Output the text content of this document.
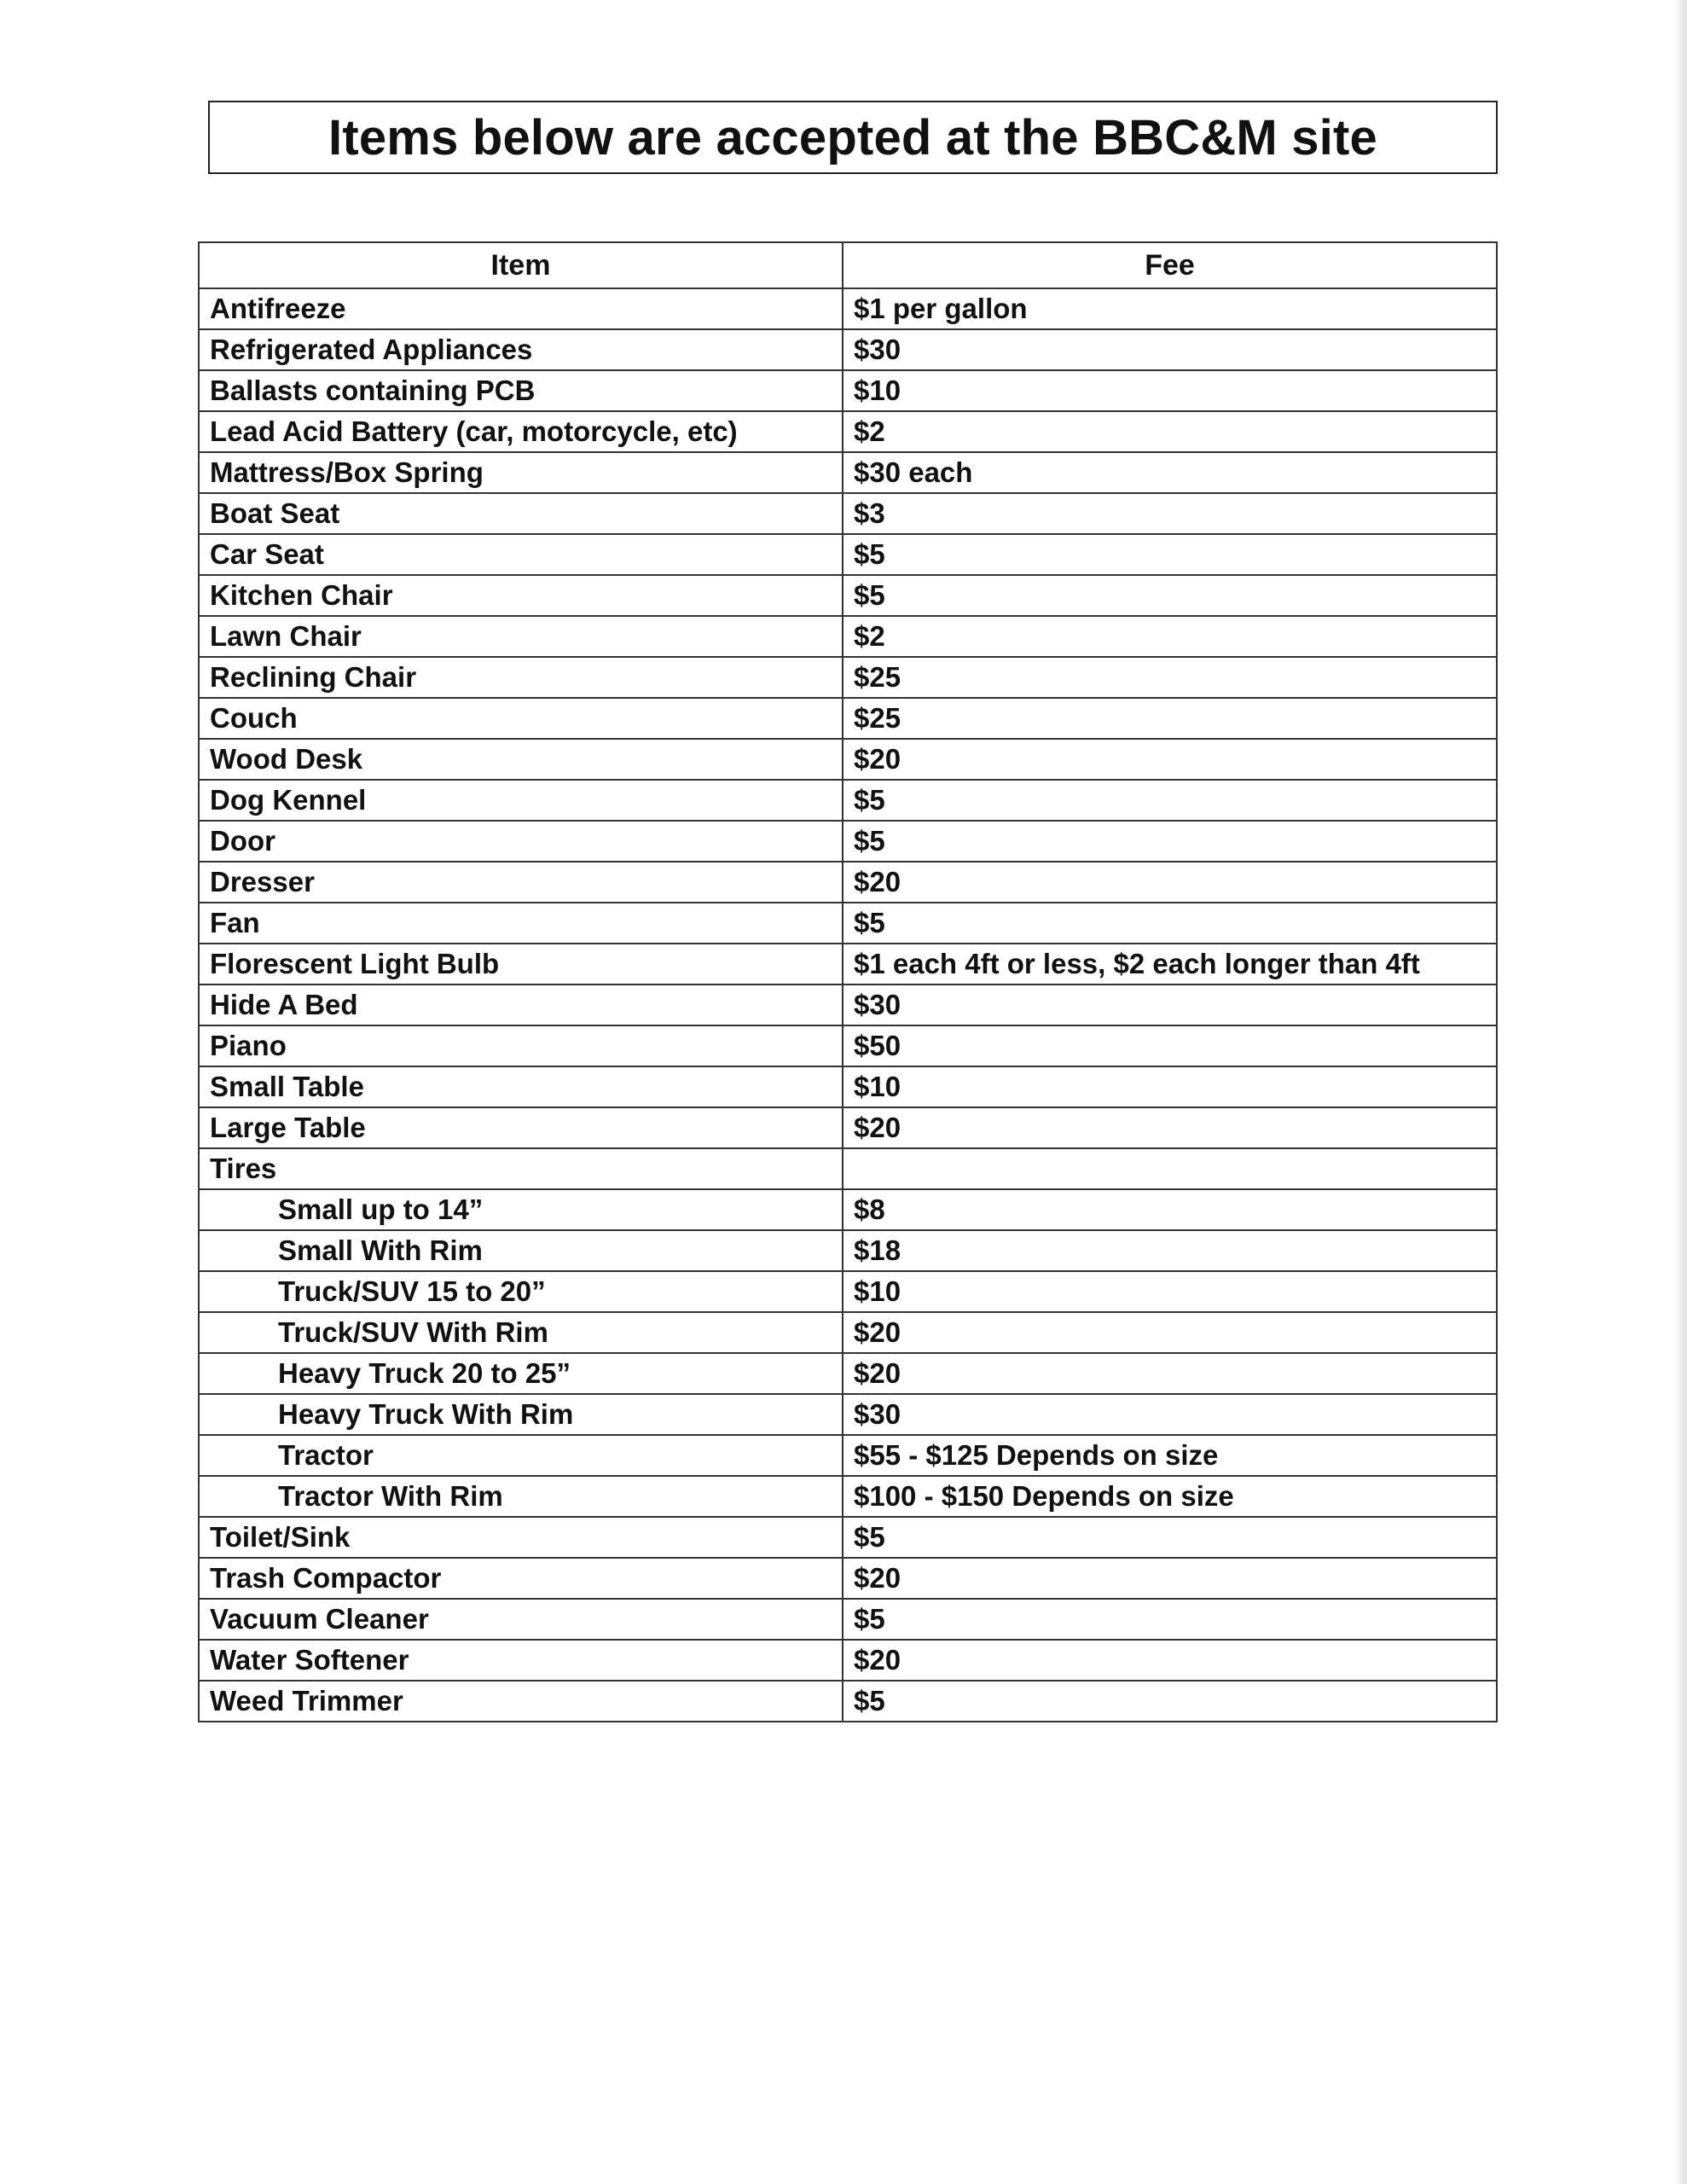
Items below are accepted at the BBC&M site
Item	Fee
Antifreeze	$1 per gallon
Refrigerated Appliances	$30
Ballasts containing PCB	$10
Lead Acid Battery (car, motorcycle, etc)	$2
Mattress/Box Spring	$30 each
Boat Seat	$3
Car Seat	$5
Kitchen Chair	$5
Lawn Chair	$2
Reclining Chair	$25
Couch	$25
Wood Desk	$20
Dog Kennel	$5
Door	$5
Dresser	$20
Fan	$5
Florescent Light Bulb	$1 each 4ft or less, $2 each longer than 4ft
Hide A Bed	$30
Piano	$50
Small Table	$10
Large Table	$20
Tires	
Small up to 14”	$8
Small With Rim	$18
Truck/SUV 15 to 20”	$10
Truck/SUV With Rim	$20
Heavy Truck 20 to 25”	$20
Heavy Truck With Rim	$30
Tractor	$55 - $125 Depends on size
Tractor With Rim	$100 - $150 Depends on size
Toilet/Sink	$5
Trash Compactor	$20
Vacuum Cleaner	$5
Water Softener	$20
Weed Trimmer	$5
